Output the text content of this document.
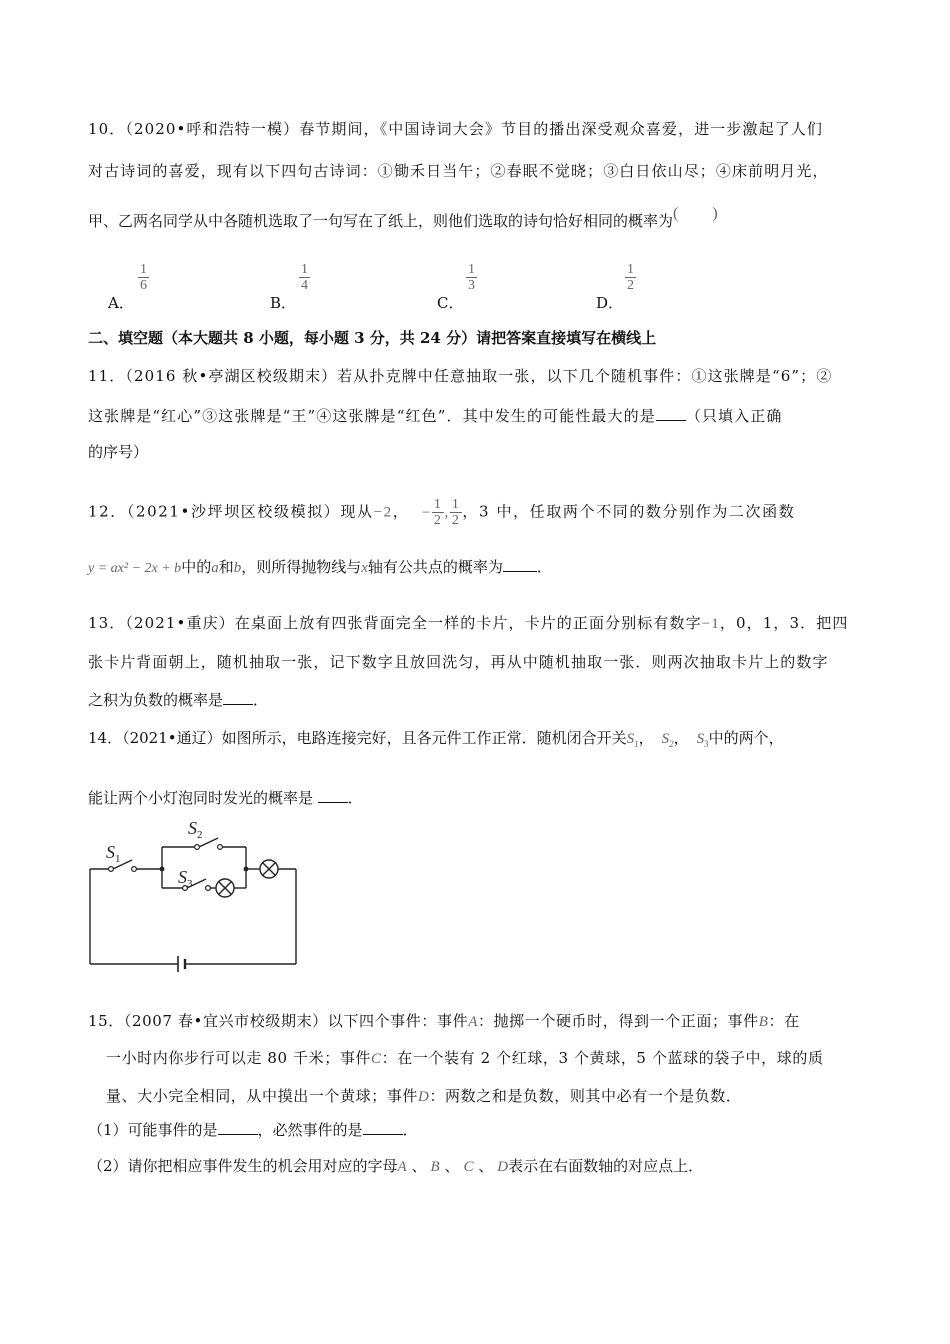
10．（2020•呼和浩特一模）春节期间，《中国诗词大会》节目的播出深受观众喜爱，进一步激起了人们
对古诗词的喜爱，现有以下四句古诗词：①锄禾日当午；②春眠不觉晓；③白日依山尽；④床前明月光，
甲、乙两名同学从中各随机选取了一句写在了纸上，则他们选取的诗句恰好相同的概率为( )
A．
1
6
B．
1
4
C．
1
3
D．
1
2
二、填空题（本大题共 8 小题，每小题 3 分，共 24 分）请把答案直接填写在横线上
11．（2016 秋•亭湖区校级期末）若从扑克牌中任意抽取一张，以下几个随机事件：①这张牌是“6”；②
这张牌是“红心”③这张牌是“王”④这张牌是“红色”．其中发生的可能性最大的是 （只填入正确
的序号）
12．（2021•沙坪坝区校级模拟）现从−2， − $\frac{1}{2}$ , $\frac{1}{2}$ ，3 中，任取两个不同的数分别作为二次函数
y = ax² − 2x + b中的a和b，则所得抛物线与x轴有公共点的概率为 ．
13．（2021•重庆）在桌面上放有四张背面完全一样的卡片，卡片的正面分别标有数字−1，0，1，3．把四
张卡片背面朝上，随机抽取一张，记下数字且放回洗匀，再从中随机抽取一张．则两次抽取卡片上的数字
之积为负数的概率是 ．
14．（2021•通辽）如图所示，电路连接完好，且各元件工作正常．随机闭合开关$S_1$， $S_2$， $S_3$中的两个，
能让两个小灯泡同时发光的概率是 ．
$S_1$
$S_2$
$S_3$
15．（2007 春•宜兴市校级期末）以下四个事件：事件A：抛掷一个硬币时，得到一个正面；事件B：在
一小时内你步行可以走 80 千米；事件C：在一个装有 2 个红球，3 个黄球，5 个蓝球的袋子中，球的质
量、大小完全相同，从中摸出一个黄球；事件D：两数之和是负数，则其中必有一个是负数．
（1）可能事件的是	，必然事件的是	．
（2）请你把相应事件发生的机会用对应的字母A 、 B 、 C 、 D表示在右面数轴的对应点上．
